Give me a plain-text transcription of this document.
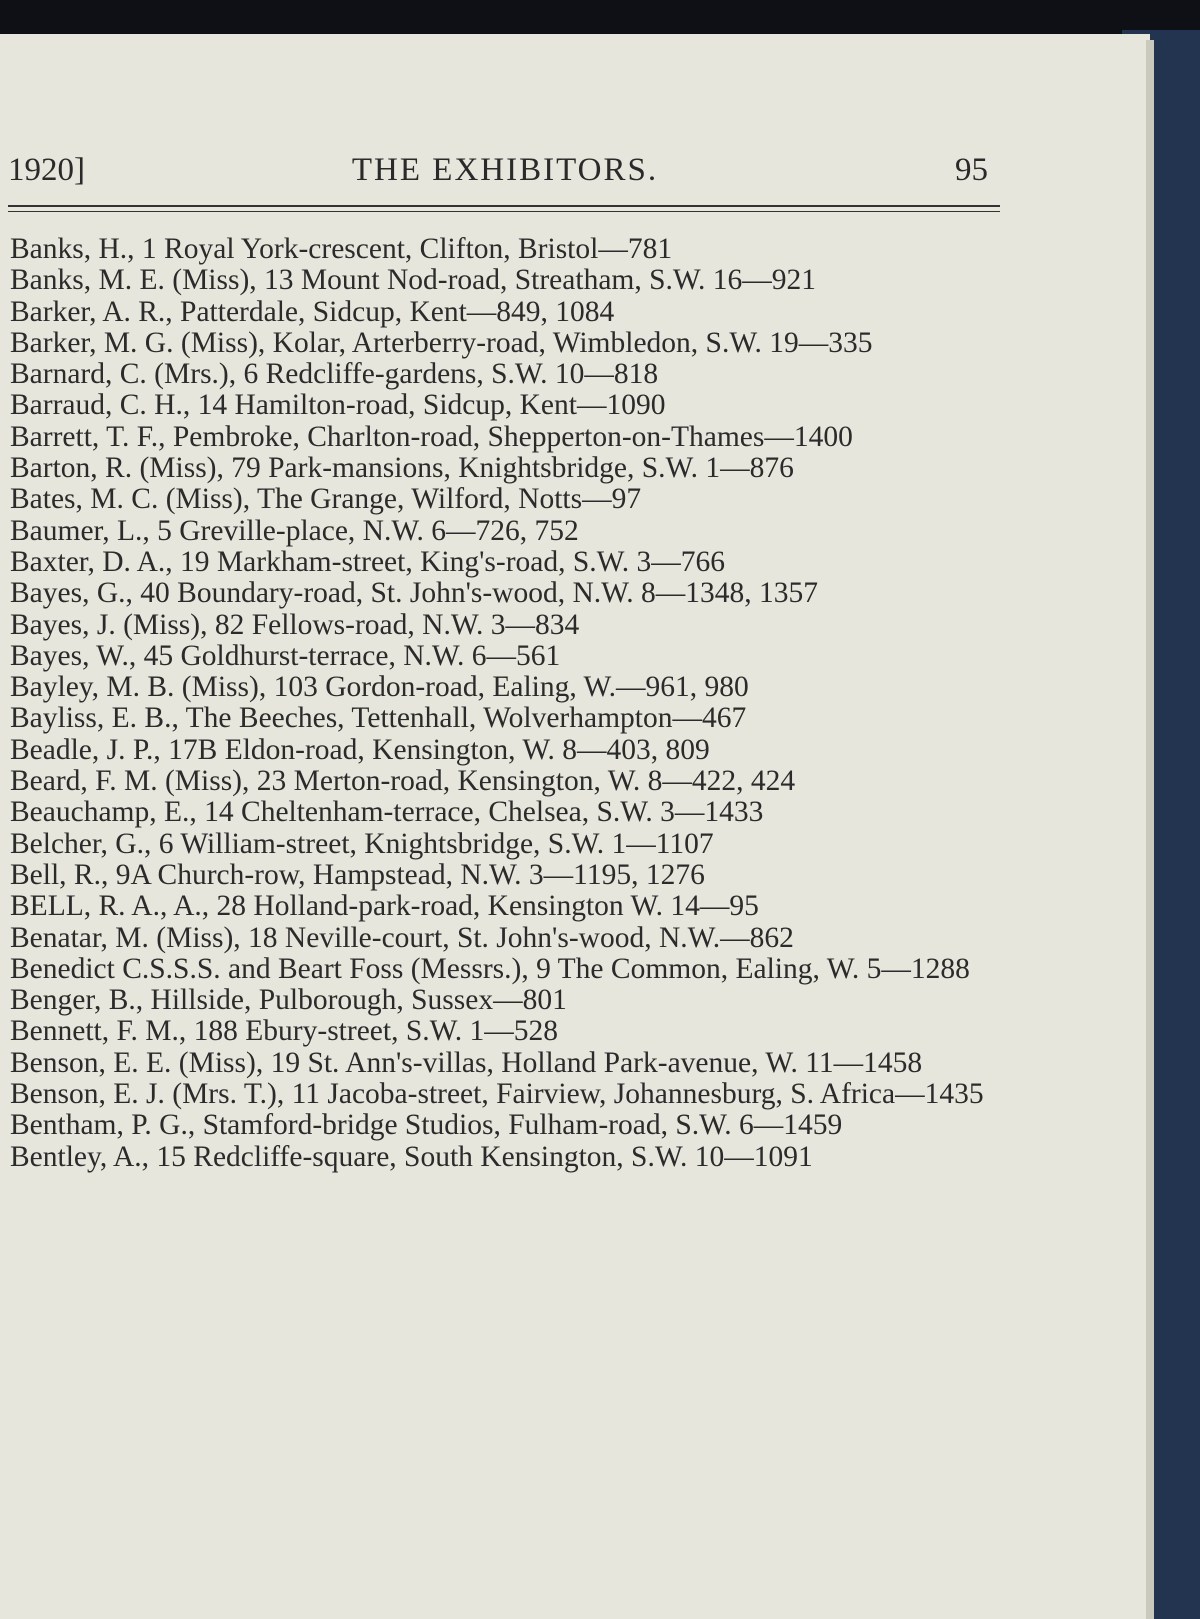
1920]	THE EXHIBITORS.	95
Banks, H., 1 Royal York-crescent, Clifton, Bristol—781
Banks, M. E. (Miss), 13 Mount Nod-road, Streatham, S.W. 16—921
Barker, A. R., Patterdale, Sidcup, Kent—849, 1084
Barker, M. G. (Miss), Kolar, Arterberry-road, Wimbledon, S.W. 19—335
Barnard, C. (Mrs.), 6 Redcliffe-gardens, S.W. 10—818
Barraud, C. H., 14 Hamilton-road, Sidcup, Kent—1090
Barrett, T. F., Pembroke, Charlton-road, Shepperton-on-Thames—1400
Barton, R. (Miss), 79 Park-mansions, Knightsbridge, S.W. 1—876
Bates, M. C. (Miss), The Grange, Wilford, Notts—97
Baumer, L., 5 Greville-place, N.W. 6—726, 752
Baxter, D. A., 19 Markham-street, King's-road, S.W. 3—766
Bayes, G., 40 Boundary-road, St. John's-wood, N.W. 8—1348, 1357
Bayes, J. (Miss), 82 Fellows-road, N.W. 3—834
Bayes, W., 45 Goldhurst-terrace, N.W. 6—561
Bayley, M. B. (Miss), 103 Gordon-road, Ealing, W.—961, 980
Bayliss, E. B., The Beeches, Tettenhall, Wolverhampton—467
Beadle, J. P., 17B Eldon-road, Kensington, W. 8—403, 809
Beard, F. M. (Miss), 23 Merton-road, Kensington, W. 8—422, 424
Beauchamp, E., 14 Cheltenham-terrace, Chelsea, S.W. 3—1433
Belcher, G., 6 William-street, Knightsbridge, S.W. 1—1107
Bell, R., 9A Church-row, Hampstead, N.W. 3—1195, 1276
BELL, R. A., A., 28 Holland-park-road, Kensington W. 14—95
Benatar, M. (Miss), 18 Neville-court, St. John's-wood, N.W.—862
Benedict C.S.S.S. and Beart Foss (Messrs.), 9 The Common, Ealing, W. 5—1288
Benger, B., Hillside, Pulborough, Sussex—801
Bennett, F. M., 188 Ebury-street, S.W. 1—528
Benson, E. E. (Miss), 19 St. Ann's-villas, Holland Park-avenue, W. 11—1458
Benson, E. J. (Mrs. T.), 11 Jacoba-street, Fairview, Johannesburg, S. Africa—1435
Bentham, P. G., Stamford-bridge Studios, Fulham-road, S.W. 6—1459
Bentley, A., 15 Redcliffe-square, South Kensington, S.W. 10—1091
